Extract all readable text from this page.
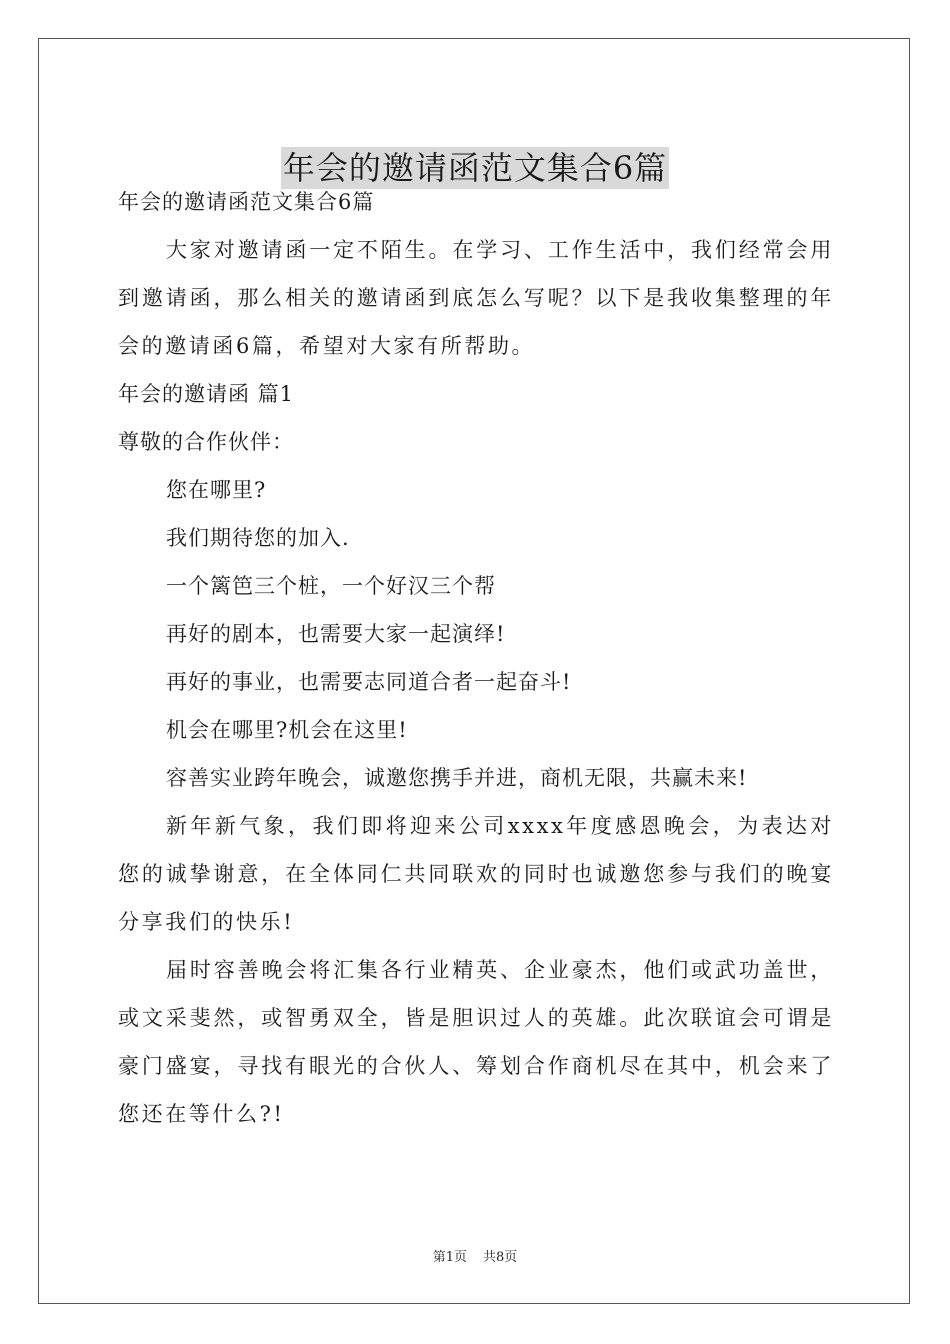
年会的邀请函范文集合6篇
年会的邀请函范文集合6篇
大家对邀请函一定不陌生。在学习、工作生活中，我们经常会用到邀请函，那么相关的邀请函到底怎么写呢？以下是我收集整理的年会的邀请函6篇，希望对大家有所帮助。
年会的邀请函 篇1
尊敬的合作伙伴：
您在哪里?
我们期待您的加入.
一个篱笆三个桩，一个好汉三个帮
再好的剧本，也需要大家一起演绎!
再好的事业，也需要志同道合者一起奋斗!
机会在哪里?机会在这里!
容善实业跨年晚会，诚邀您携手并进，商机无限，共赢未来!
新年新气象，我们即将迎来公司xxxx年度感恩晚会，为表达对您的诚挚谢意，在全体同仁共同联欢的同时也诚邀您参与我们的晚宴分享我们的快乐!
届时容善晚会将汇集各行业精英、企业豪杰，他们或武功盖世，或文采斐然，或智勇双全，皆是胆识过人的英雄。此次联谊会可谓是豪门盛宴，寻找有眼光的合伙人、筹划合作商机尽在其中，机会来了您还在等什么?!
第1页 共8页
